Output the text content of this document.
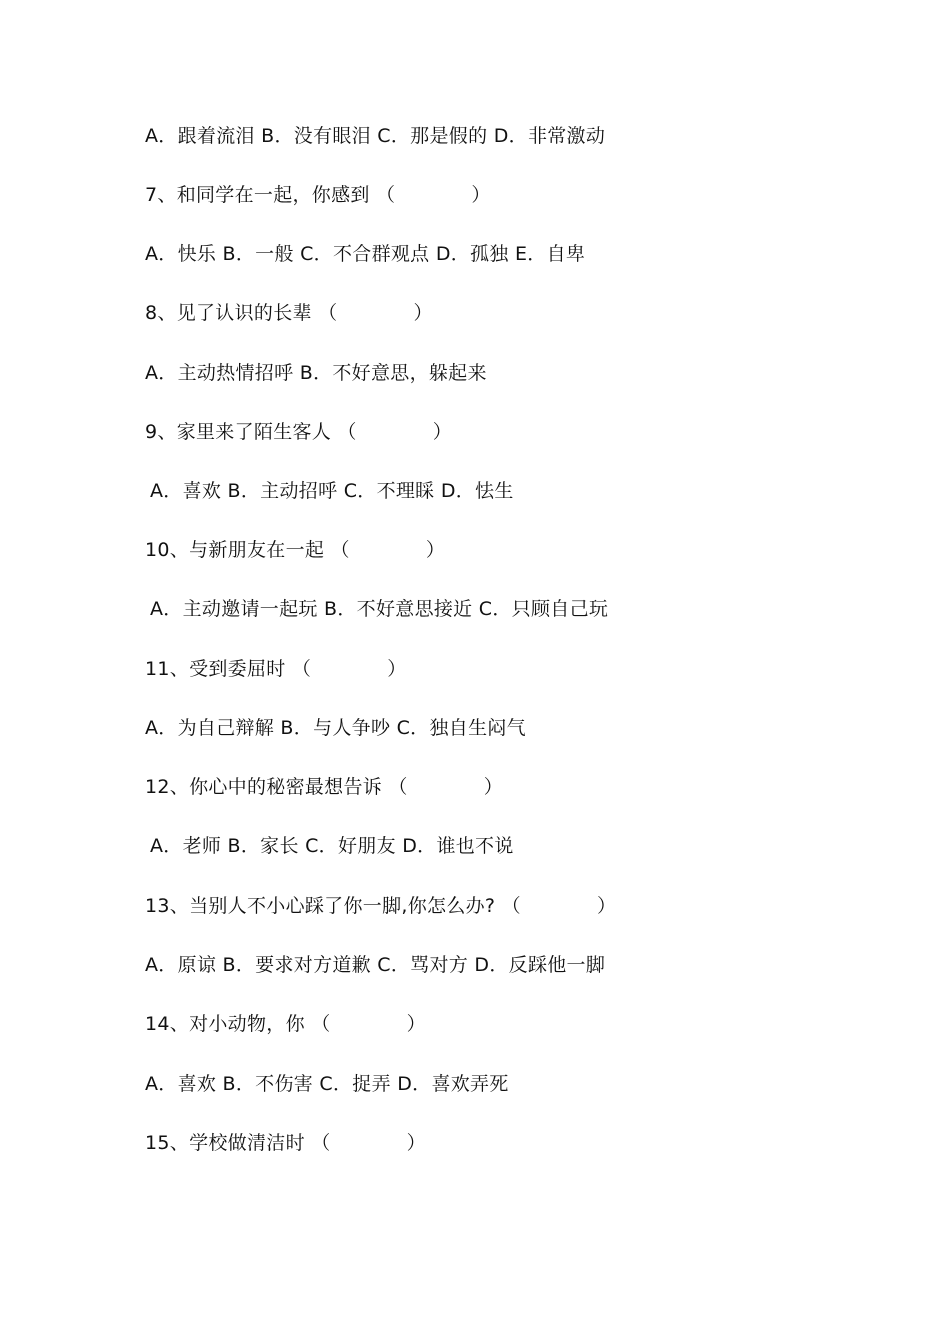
A．跟着流泪 B．没有眼泪 C．那是假的 D．非常激动
7、和同学在一起，你感到 （            ）
A．快乐 B．一般 C．不合群观点 D．孤独 E．自卑
8、见了认识的长辈 （            ）
A．主动热情招呼 B．不好意思，躲起来
9、家里来了陌生客人 （            ）
A．喜欢 B．主动招呼 C．不理睬 D．怯生
10、与新朋友在一起 （            ）
A．主动邀请一起玩 B．不好意思接近 C．只顾自己玩
11、受到委屈时 （            ）
A．为自己辩解 B．与人争吵 C．独自生闷气
12、你心中的秘密最想告诉 （            ）
A．老师 B．家长 C．好朋友 D．谁也不说
13、当别人不小心踩了你一脚,你怎么办? （            ）
A．原谅 B．要求对方道歉 C．骂对方 D．反踩他一脚
14、对小动物，你 （            ）
A．喜欢 B．不伤害 C．捉弄 D．喜欢弄死
15、学校做清洁时 （            ）
